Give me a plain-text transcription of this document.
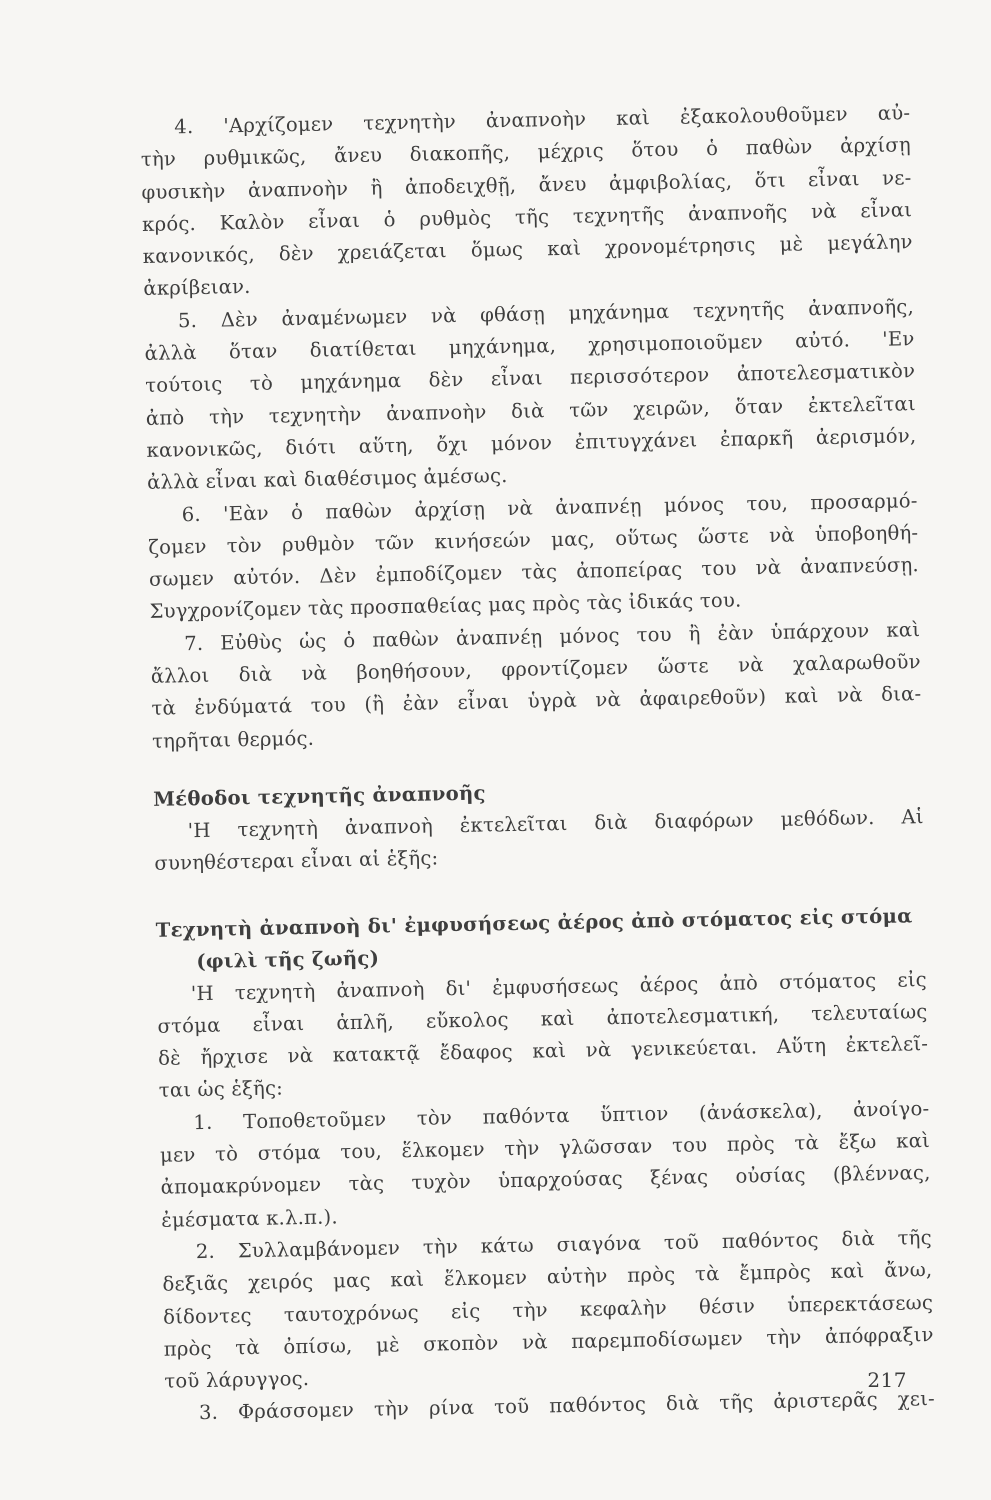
4. 'Αρχίζομεν τεχνητὴν ἀναπνοὴν καὶ ἐξακολουθοῦμεν αὐ-
τὴν ρυθμικῶς, ἄνευ διακοπῆς, μέχρις ὅτου ὁ παθὼν ἀρχίσῃ
φυσικὴν ἀναπνοὴν ἢ ἀποδειχθῇ, ἄνευ ἀμφιβολίας, ὅτι εἶναι νε-
κρός. Καλὸν εἶναι ὁ ρυθμὸς τῆς τεχνητῆς ἀναπνοῆς νὰ εἶναι
κανονικός, δὲν χρειάζεται ὅμως καὶ χρονομέτρησις μὲ μεγάλην
ἀκρίβειαν.
5. Δὲν ἀναμένωμεν νὰ φθάσῃ μηχάνημα τεχνητῆς ἀναπνοῆς,
ἀλλὰ ὅταν διατίθεται μηχάνημα, χρησιμοποιοῦμεν αὐτό. 'Εν
τούτοις τὸ μηχάνημα δὲν εἶναι περισσότερον ἀποτελεσματικὸν
ἀπὸ τὴν τεχνητὴν ἀναπνοὴν διὰ τῶν χειρῶν, ὅταν ἐκτελεῖται
κανονικῶς, διότι αὕτη, ὄχι μόνον ἐπιτυγχάνει ἐπαρκῆ ἀερισμόν,
ἀλλὰ εἶναι καὶ διαθέσιμος ἀμέσως.
6. 'Εὰν ὁ παθὼν ἀρχίσῃ νὰ ἀναπνέῃ μόνος του, προσαρμό-
ζομεν τὸν ρυθμὸν τῶν κινήσεών μας, οὕτως ὥστε νὰ ὑποβοηθή-
σωμεν αὐτόν. Δὲν ἐμποδίζομεν τὰς ἀποπείρας του νὰ ἀναπνεύσῃ.
Συγχρονίζομεν τὰς προσπαθείας μας πρὸς τὰς ἰδικάς του.
7. Εὐθὺς ὡς ὁ παθὼν ἀναπνέῃ μόνος του ἢ ἐὰν ὑπάρχουν καὶ
ἄλλοι διὰ νὰ βοηθήσουν, φροντίζομεν ὥστε νὰ χαλαρωθοῦν
τὰ ἐνδύματά του (ἢ ἐὰν εἶναι ὑγρὰ νὰ ἀφαιρεθοῦν) καὶ νὰ δια-
τηρῆται θερμός.
Μέθοδοι τεχνητῆς ἀναπνοῆς
'Η τεχνητὴ ἀναπνοὴ ἐκτελεῖται διὰ διαφόρων μεθόδων. Αἱ
συνηθέστεραι εἶναι αἱ ἑξῆς:
Τεχνητὴ ἀναπνοὴ δι' ἐμφυσήσεως ἀέρος ἀπὸ στόματος εἰς στόμα
(φιλὶ τῆς ζωῆς)
'Η τεχνητὴ ἀναπνοὴ δι' ἐμφυσήσεως ἀέρος ἀπὸ στόματος εἰς
στόμα εἶναι ἁπλῆ, εὔκολος καὶ ἀποτελεσματική, τελευταίως
δὲ ἤρχισε νὰ κατακτᾷ ἔδαφος καὶ νὰ γενικεύεται. Αὕτη ἐκτελεῖ-
ται ὡς ἑξῆς:
1. Τοποθετοῦμεν τὸν παθόντα ὕπτιον (ἀνάσκελα), ἀνοίγο-
μεν τὸ στόμα του, ἕλκομεν τὴν γλῶσσαν του πρὸς τὰ ἔξω καὶ
ἀπομακρύνομεν τὰς τυχὸν ὑπαρχούσας ξένας οὐσίας (βλέννας,
ἐμέσματα κ.λ.π.).
2. Συλλαμβάνομεν τὴν κάτω σιαγόνα τοῦ παθόντος διὰ τῆς
δεξιᾶς χειρός μας καὶ ἕλκομεν αὐτὴν πρὸς τὰ ἔμπρὸς καὶ ἄνω,
δίδοντες ταυτοχρόνως εἰς τὴν κεφαλὴν θέσιν ὑπερεκτάσεως
πρὸς τὰ ὀπίσω, μὲ σκοπὸν νὰ παρεμποδίσωμεν τὴν ἀπόφραξιν
τοῦ λάρυγγος.
3. Φράσσομεν τὴν ρίνα τοῦ παθόντος διὰ τῆς ἀριστερᾶς χει-
217
